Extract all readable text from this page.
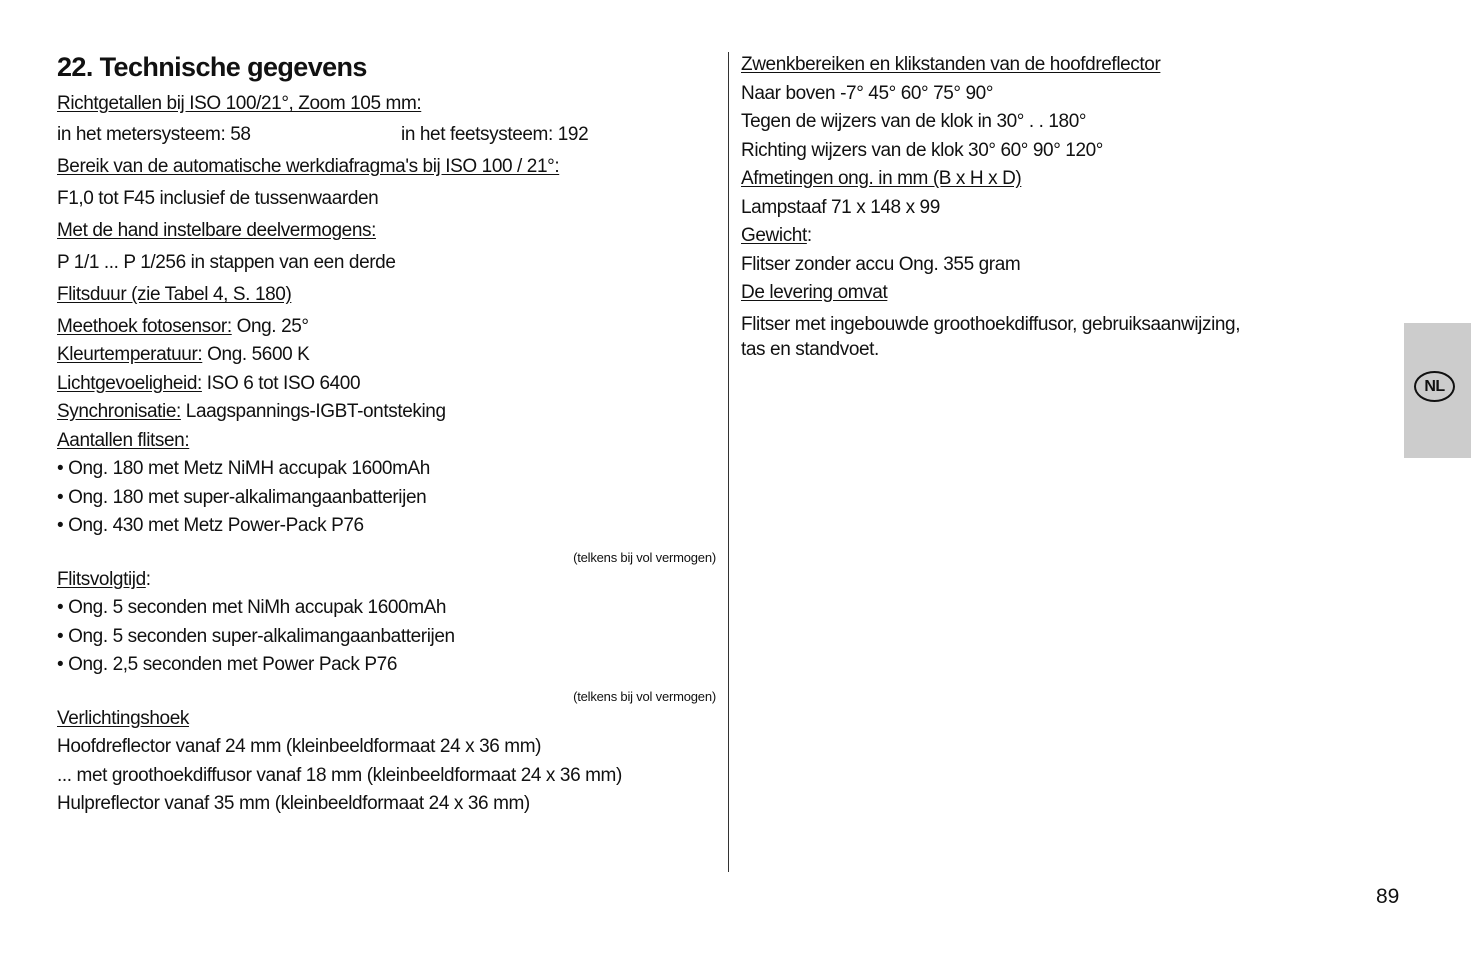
22. Technische gegevens
Richtgetallen bij ISO 100/21°, Zoom 105 mm:
in het metersysteem: 58	in het feetsysteem: 192
Bereik van de automatische werkdiafragma's bij ISO 100 / 21°:
F1,0 tot F45 inclusief de tussenwaarden
Met de hand instelbare deelvermogens:
P 1/1 ... P 1/256 in stappen van een derde
Flitsduur (zie Tabel 4, S. 180)
Meethoek fotosensor: Ong. 25°
Kleurtemperatuur: Ong. 5600 K
Lichtgevoeligheid: ISO 6 tot ISO 6400
Synchronisatie: Laagspannings-IGBT-ontsteking
Aantallen flitsen:
• Ong. 180 met Metz NiMH accupak 1600mAh
• Ong. 180 met super-alkalimangaanbatterijen
• Ong. 430 met Metz Power-Pack P76
(telkens bij vol vermogen)
Flitsvolgtijd:
• Ong. 5 seconden met NiMh accupak 1600mAh
• Ong. 5 seconden super-alkalimangaanbatterijen
• Ong. 2,5 seconden met Power Pack P76
(telkens bij vol vermogen)
Verlichtingshoek
Hoofdreflector vanaf 24 mm (kleinbeeldformaat 24 x 36 mm)
... met groothoekdiffusor vanaf 18 mm (kleinbeeldformaat 24 x 36 mm)
Hulpreflector vanaf 35 mm (kleinbeeldformaat 24 x 36 mm)
Zwenkbereiken en klikstanden van de hoofdreflector
Naar boven -7° 45° 60° 75° 90°
Tegen de wijzers van de klok in 30° . . 180°
Richting wijzers van de klok 30° 60° 90° 120°
Afmetingen ong. in mm (B x H x D)
Lampstaaf 71 x 148 x 99
Gewicht:
Flitser zonder accu Ong. 355 gram
De levering omvat
Flitser met ingebouwde groothoekdiffusor, gebruiksaanwijzing,
tas en standvoet.
NL
89
